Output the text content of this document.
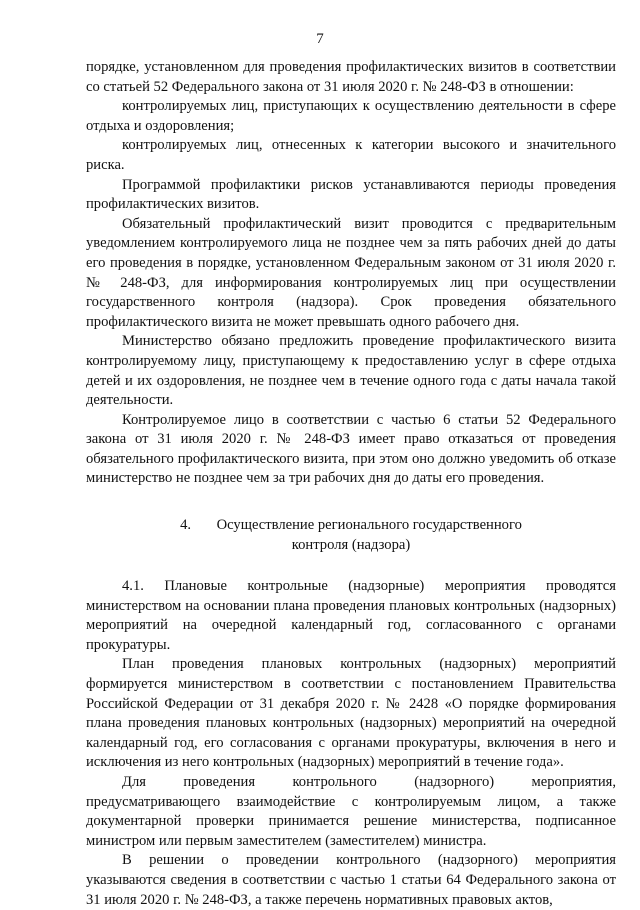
7

порядке, установленном для проведения профилактических визитов в соответствии со статьей 52 Федерального закона от 31 июля 2020 г. № 248-ФЗ в отношении:

контролируемых лиц, приступающих к осуществлению деятельности в сфере отдыха и оздоровления;

контролируемых лиц, отнесенных к категории высокого и значительного риска.

Программой профилактики рисков устанавливаются периоды проведения профилактических визитов.

Обязательный профилактический визит проводится с предварительным уведомлением контролируемого лица не позднее чем за пять рабочих дней до даты его проведения в порядке, установленном Федеральным законом от 31 июля 2020 г. № 248-ФЗ, для информирования контролируемых лиц при осуществлении государственного контроля (надзора). Срок проведения обязательного профилактического визита не может превышать одного рабочего дня.

Министерство обязано предложить проведение профилактического визита контролируемому лицу, приступающему к предоставлению услуг в сфере отдыха детей и их оздоровления, не позднее чем в течение одного года с даты начала такой деятельности.

Контролируемое лицо в соответствии с частью 6 статьи 52 Федерального закона от 31 июля 2020 г. № 248-ФЗ имеет право отказаться от проведения обязательного профилактического визита, при этом оно должно уведомить об отказе министерство не позднее чем за три рабочих дня до даты его проведения.

4. Осуществление регионального государственного
контроля (надзора)

4.1. Плановые контрольные (надзорные) мероприятия проводятся министерством на основании плана проведения плановых контрольных (надзорных) мероприятий на очередной календарный год, согласованного с органами прокуратуры.

План проведения плановых контрольных (надзорных) мероприятий формируется министерством в соответствии с постановлением Правительства Российской Федерации от 31 декабря 2020 г. № 2428 «О порядке формирования плана проведения плановых контрольных (надзорных) мероприятий на очередной календарный год, его согласования с органами прокуратуры, включения в него и исключения из него контрольных (надзорных) мероприятий в течение года».

Для проведения контрольного (надзорного) мероприятия, предусматривающего взаимодействие с контролируемым лицом, а также документарной проверки принимается решение министерства, подписанное министром или первым заместителем (заместителем) министра.

В решении о проведении контрольного (надзорного) мероприятия указываются сведения в соответствии с частью 1 статьи 64 Федерального закона от 31 июля 2020 г. № 248-ФЗ, а также перечень нормативных правовых актов,
